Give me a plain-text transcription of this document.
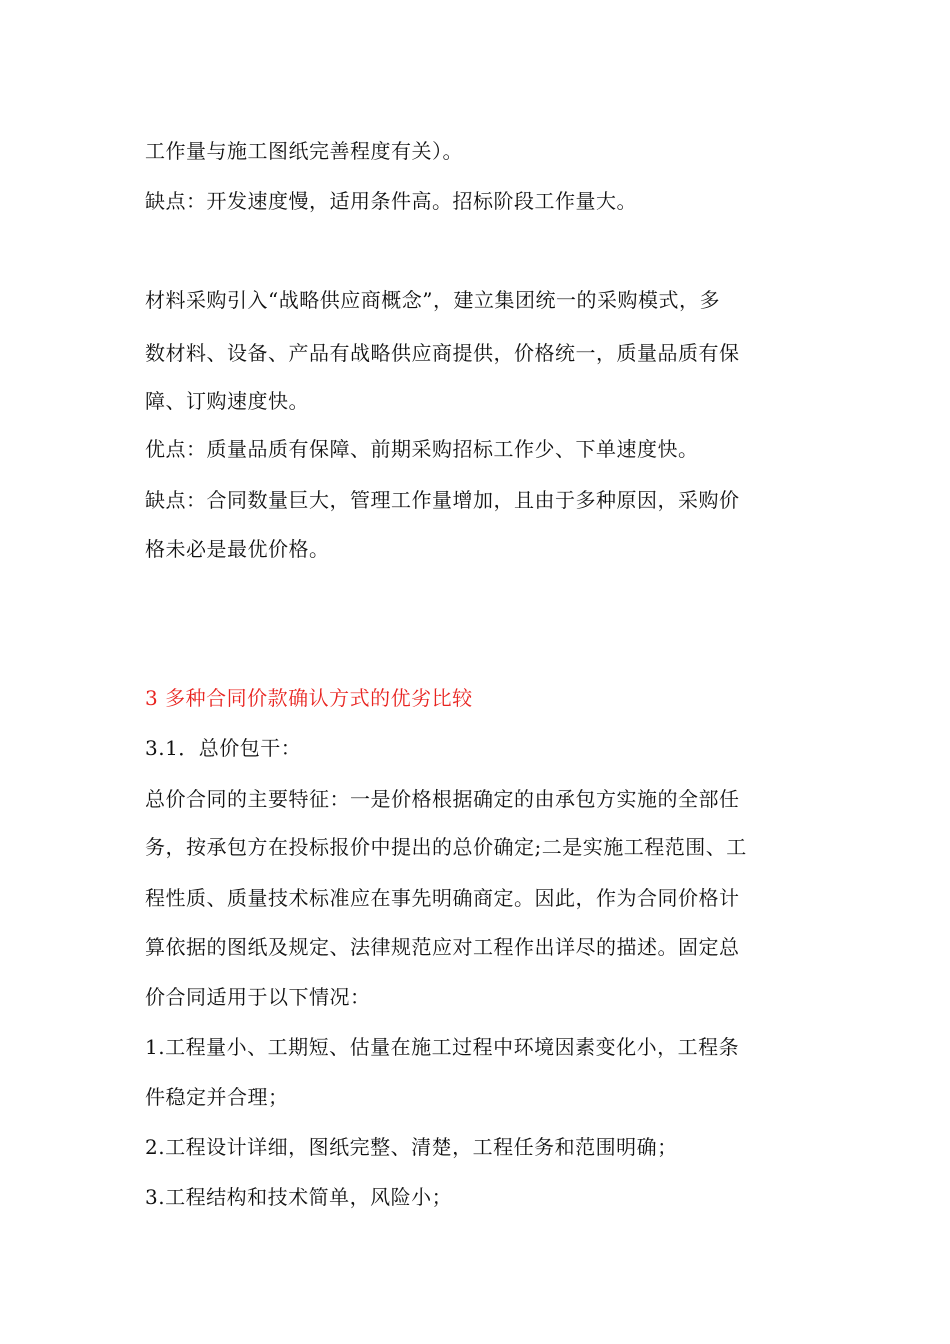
工作量与施工图纸完善程度有关）。
缺点：开发速度慢，适用条件高。招标阶段工作量大。
材料采购引入“战略供应商概念”，建立集团统一的采购模式，多
数材料、设备、产品有战略供应商提供，价格统一，质量品质有保
障、订购速度快。
优点：质量品质有保障、前期采购招标工作少、下单速度快。
缺点：合同数量巨大，管理工作量增加，且由于多种原因，采购价
格未必是最优价格。
3 多种合同价款确认方式的优劣比较
3.1．总价包干：
总价合同的主要特征：一是价格根据确定的由承包方实施的全部任
务，按承包方在投标报价中提出的总价确定;二是实施工程范围、工
程性质、质量技术标准应在事先明确商定。因此，作为合同价格计
算依据的图纸及规定、法律规范应对工程作出详尽的描述。固定总
价合同适用于以下情况：
1.工程量小、工期短、估量在施工过程中环境因素变化小，工程条
件稳定并合理；
2.工程设计详细，图纸完整、清楚，工程任务和范围明确；
3.工程结构和技术简单，风险小；
